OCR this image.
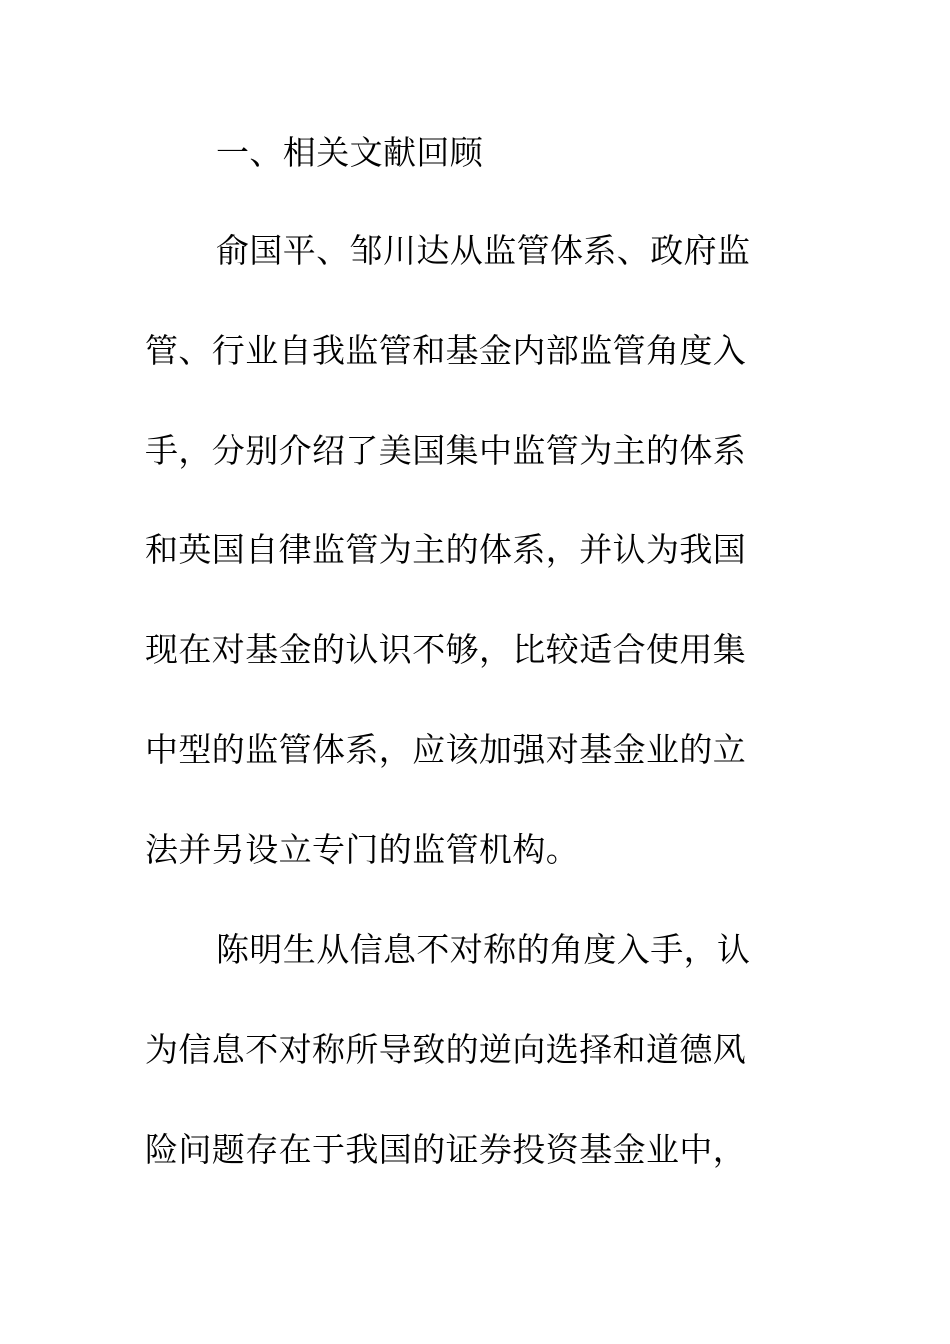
一、相关文献回顾
俞国平、邹川达从监管体系、政府监
管、行业自我监管和基金内部监管角度入
手，分别介绍了美国集中监管为主的体系
和英国自律监管为主的体系，并认为我国
现在对基金的认识不够，比较适合使用集
中型的监管体系，应该加强对基金业的立
法并另设立专门的监管机构。
陈明生从信息不对称的角度入手，认
为信息不对称所导致的逆向选择和道德风
险问题存在于我国的证券投资基金业中，
